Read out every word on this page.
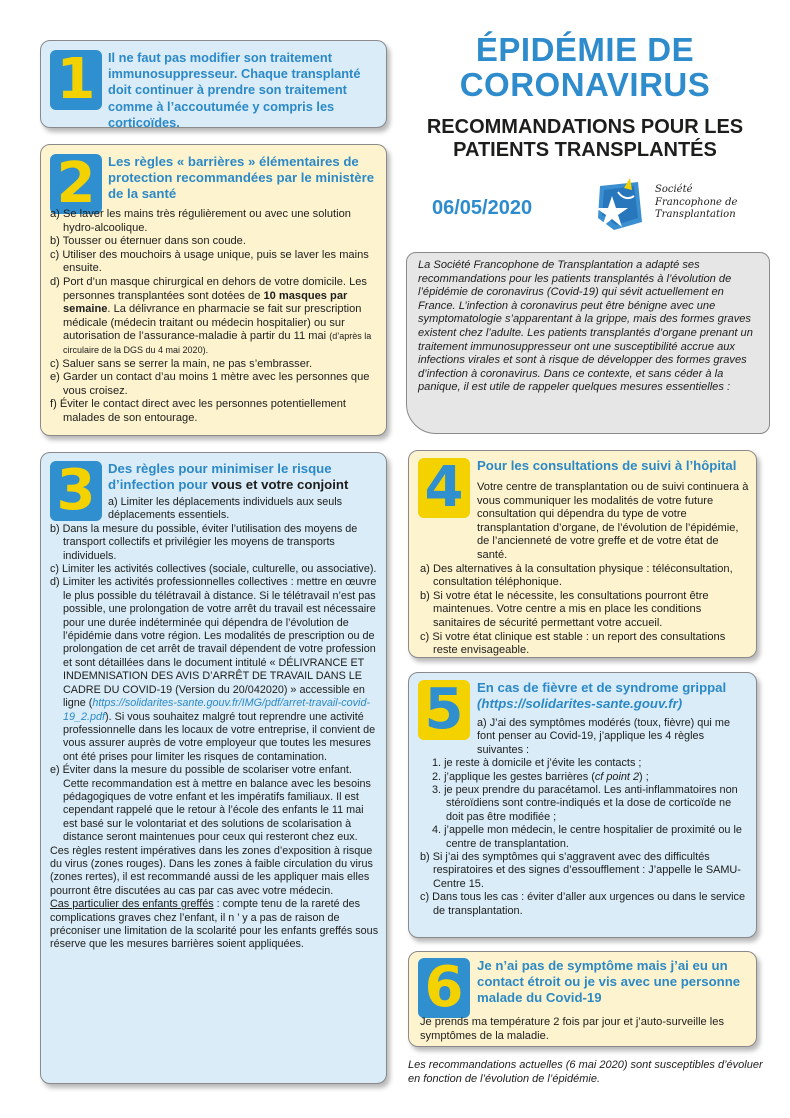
ÉPIDÉMIE DE CORONAVIRUS
RECOMMANDATIONS POUR LES PATIENTS TRANSPLANTÉS
06/05/2020
Société
Francophone de
Transplantation
La Société Francophone de Transplantation a adapté ses recommandations pour les patients transplantés à l’évolution de l’épidémie de coronavirus (Covid-19) qui sévit actuellement en France. L’infection à coronavirus peut être bénigne avec une symptomatologie s’apparentant à la grippe, mais des formes graves existent chez l’adulte. Les patients transplantés d’organe prenant un traitement immunosuppresseur ont une susceptibilité accrue aux infections virales et sont à risque de développer des formes graves d’infection à coronavirus. Dans ce contexte, et sans céder à la panique, il est utile de rappeler quelques mesures essentielles :
1 Il ne faut pas modifier son traitement immunosuppresseur. Chaque transplanté doit continuer à prendre son traitement comme à l’accoutumée y compris les corticoïdes.
2 Les règles « barrières » élémentaires de protection recommandées par le ministère de la santé

a) Se laver les mains très régulièrement ou avec une solution hydro-alcoolique.

b) Tousser ou éternuer dans son coude.

c) Utiliser des mouchoirs à usage unique, puis se laver les mains ensuite.

d) Port d’un masque chirurgical en dehors de votre domicile. Les personnes transplantées sont dotées de 10 masques par semaine. La délivrance en pharmacie se fait sur prescription médicale (médecin traitant ou médecin hospitalier) ou sur autorisation de l’assurance-maladie à partir du 11 mai (d’après la circulaire de la DGS du 4 mai 2020).

c) Saluer sans se serrer la main, ne pas s’embrasser.

e) Garder un contact d’au moins 1 mètre avec les personnes que vous croisez.

f) Éviter le contact direct avec les personnes potentiellement malades de son entourage.

3 Des règles pour minimiser le risque d’infection pour vous et votre conjoint

a) Limiter les déplacements individuels aux seuls déplacements essentiels.

b) Dans la mesure du possible, éviter l’utilisation des moyens de transport collectifs et privilégier les moyens de transports individuels.

c) Limiter les activités collectives (sociale, culturelle, ou associative).

d) Limiter les activités professionnelles collectives : mettre en œuvre le plus possible du télétravail à distance. Si le télétravail n’est pas possible, une prolongation de votre arrêt du travail est nécessaire pour une durée indéterminée qui dépendra de l’évolution de l’épidémie dans votre région. Les modalités de prescription ou de prolongation de cet arrêt de travail dépendent de votre profession et sont détaillées dans le document intitulé « DÉLIVRANCE ET INDEMNISATION DES AVIS D’ARRÊT DE TRAVAIL DANS LE CADRE DU COVID-19 (Version du 20/042020) » accessible en ligne (https://solidarites-sante.gouv.fr/IMG/pdf/arret-travail-covid-19_2.pdf). Si vous souhaitez malgré tout reprendre une activité professionnelle dans les locaux de votre entreprise, il convient de vous assurer auprès de votre employeur que toutes les mesures ont été prises pour limiter les risques de contamination.

e) Éviter dans la mesure du possible de scolariser votre enfant. Cette recommandation est à mettre en balance avec les besoins pédagogiques de votre enfant et les impératifs familiaux. Il est cependant rappelé que le retour à l’école des enfants le 11 mai est basé sur le volontariat et des solutions de scolarisation à distance seront maintenues pour ceux qui resteront chez eux.

Ces règles restent impératives dans les zones d’exposition à risque du virus (zones rouges). Dans les zones à faible circulation du virus (zones rertes), il est recommandé aussi de les appliquer mais elles pourront être discutées au cas par cas avec votre médecin.

Cas particulier des enfants greffés : compte tenu de la rareté des complications graves chez l’enfant, il n ’ y a pas de raison de préconiser une limitation de la scolarité pour les enfants greffés sous réserve que les mesures barrières soient appliquées.

4 Pour les consultations de suivi à l’hôpital

Votre centre de transplantation ou de suivi continuera à vous communiquer les modalités de votre future consultation qui dépendra du type de votre transplantation d’organe, de l’évolution de l’épidémie, de l’ancienneté de votre greffe et de votre état de santé.

a) Des alternatives à la consultation physique : téléconsultation, consultation téléphonique.

b) Si votre état le nécessite, les consultations pourront être maintenues. Votre centre a mis en place les conditions sanitaires de sécurité permettant votre accueil.

c) Si votre état clinique est stable : un report des consultations reste envisageable.

5 En cas de fièvre et de syndrome grippal
(https://solidarites-sante.gouv.fr)

a) J’ai des symptômes modérés (toux, fièvre) qui me font penser au Covid-19, j’applique les 4 règles suivantes :

1. je reste à domicile et j’évite les contacts ;

2. j’applique les gestes barrières (cf point 2) ;

3. je peux prendre du paracétamol. Les anti-inflammatoires non stéroïdiens sont contre-indiqués et la dose de corticoïde ne doit pas être modifiée ;

4. j’appelle mon médecin, le centre hospitalier de proximité ou le centre de transplantation.

b) Si j’ai des symptômes qui s’aggravent avec des difficultés respiratoires et des signes d’essoufflement : J’appelle le SAMU- Centre 15.

c) Dans tous les cas : éviter d’aller aux urgences ou dans le service de transplantation.

6 Je n’ai pas de symptôme mais j’ai eu un contact étroit ou je vis avec une personne malade du Covid-19
Je prends ma température 2 fois par jour et j’auto-surveille les symptômes de la maladie.
Les recommandations actuelles (6 mai 2020) sont susceptibles d’évoluer en fonction de l’évolution de l’épidémie.
